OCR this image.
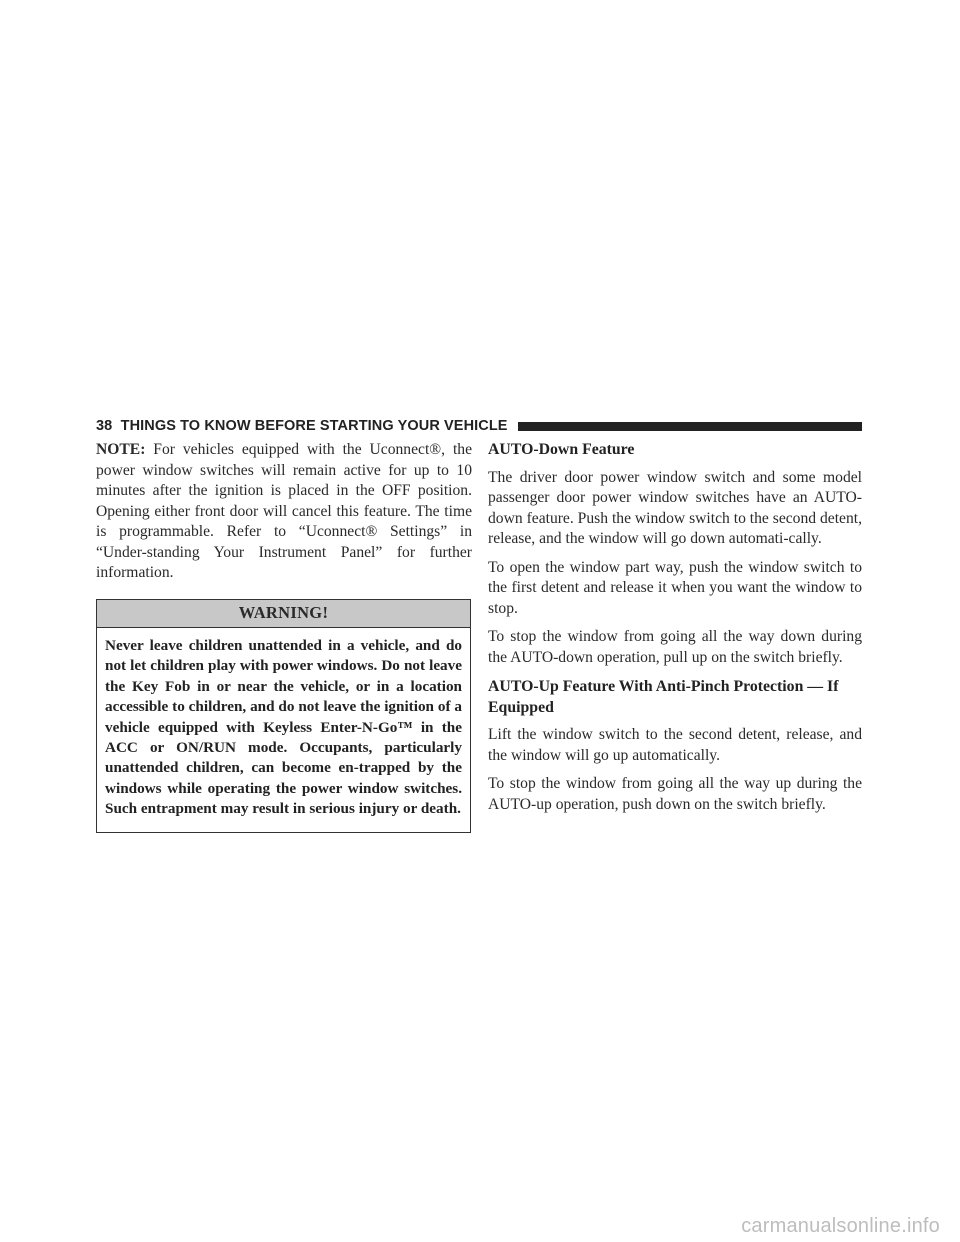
38 THINGS TO KNOW BEFORE STARTING YOUR VEHICLE

NOTE: For vehicles equipped with the Uconnect®, the power window switches will remain active for up to 10 minutes after the ignition is placed in the OFF position. Opening either front door will cancel this feature. The time is programmable. Refer to “Uconnect® Settings” in “Under-standing Your Instrument Panel” for further information.

WARNING!
Never leave children unattended in a vehicle, and do not let children play with power windows. Do not leave the Key Fob in or near the vehicle, or in a location accessible to children, and do not leave the ignition of a vehicle equipped with Keyless Enter-N-Go™ in the ACC or ON/RUN mode. Occupants, particularly unattended children, can become en-trapped by the windows while operating the power window switches. Such entrapment may result in serious injury or death.
AUTO-Down Feature

The driver door power window switch and some model passenger door power window switches have an AUTO-down feature. Push the window switch to the second detent, release, and the window will go down automati-cally.

To open the window part way, push the window switch to the first detent and release it when you want the window to stop.

To stop the window from going all the way down during the AUTO-down operation, pull up on the switch briefly.

AUTO-Up Feature With Anti-Pinch Protection — If Equipped

Lift the window switch to the second detent, release, and the window will go up automatically.

To stop the window from going all the way up during the AUTO-up operation, push down on the switch briefly.

carmanualsonline.info
